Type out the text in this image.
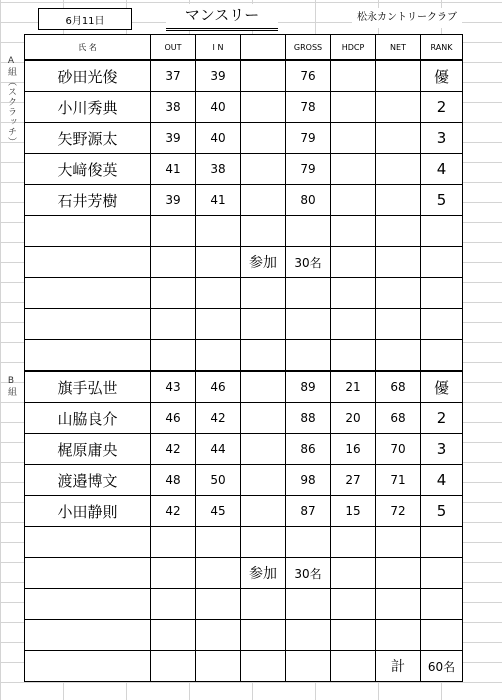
6月11日	マンスリー	松永カントリークラブ
A組（スクラッチ）
B組
氏 名	OUT	I N		GROSS	HDCP	NET	RANK
砂田光俊	37	39		76			優
小川秀典	38	40		78			2
矢野源太	39	40		79			3
大﨑俊英	41	38		79			4
石井芳樹	39	41		80			5

			参加	30名			

旗手弘世	43	46		89	21	68	優
山脇良介	46	42		88	20	68	2
梶原庸央	42	44		86	16	70	3
渡邉博文	48	50		98	27	71	4
小田静則	42	45		87	15	72	5

			参加	30名			

						計	60名
